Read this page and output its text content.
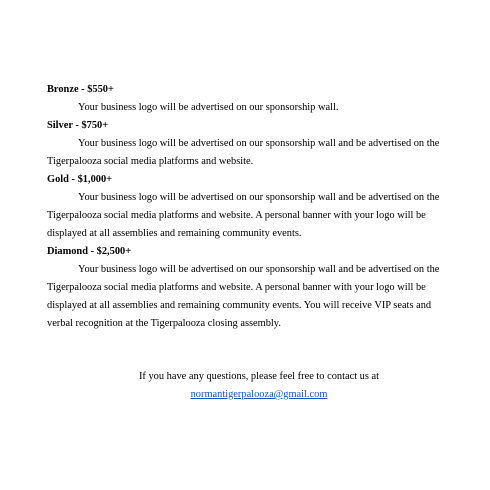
Bronze - $550+
Your business logo will be advertised on our sponsorship wall.
Silver - $750+
Your business logo will be advertised on our sponsorship wall and be advertised on the Tigerpalooza social media platforms and website.
Gold - $1,000+
Your business logo will be advertised on our sponsorship wall and be advertised on the Tigerpalooza social media platforms and website. A personal banner with your logo will be displayed at all assemblies and remaining community events.
Diamond - $2,500+
Your business logo will be advertised on our sponsorship wall and be advertised on the Tigerpalooza social media platforms and website. A personal banner with your logo will be displayed at all assemblies and remaining community events. You will receive VIP seats and verbal recognition at the Tigerpalooza closing assembly.
If you have any questions, please feel free to contact us at
normantigerpalooza@gmail.com
